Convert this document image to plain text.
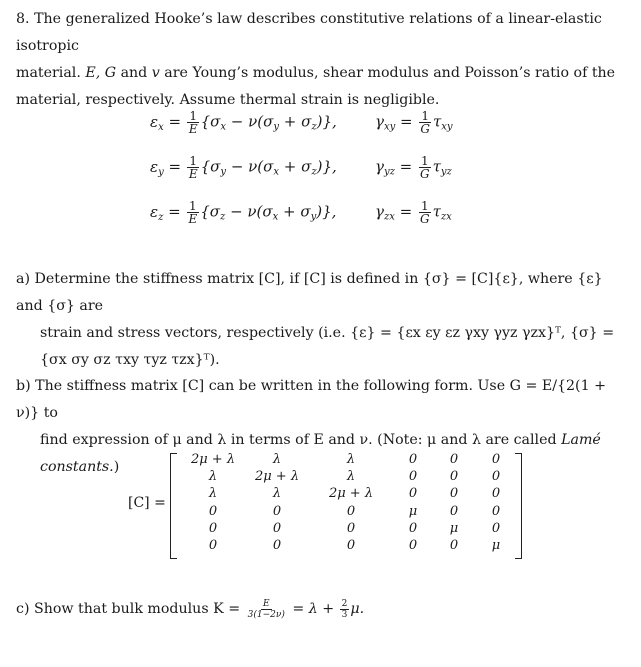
8. The generalized Hooke’s law describes constitutive relations of a linear-elastic isotropic
material. E, G and v are Young’s modulus, shear modulus and Poisson’s ratio of the
material, respectively. Assume thermal strain is negligible.
$\varepsilon_x = \frac{1}{E} \{\sigma_x - \nu(\sigma_y + \sigma_z)\}$,	$\gamma_{xy} = \frac{1}{G} \tau_{xy}$
$\varepsilon_y = \frac{1}{E} \{\sigma_y - \nu(\sigma_x + \sigma_z)\}$,	$\gamma_{yz} = \frac{1}{G} \tau_{yz}$
$\varepsilon_z = \frac{1}{E} \{\sigma_z - \nu(\sigma_x + \sigma_y)\}$,	$\gamma_{zx} = \frac{1}{G} \tau_{zx}$
a) Determine the stiffness matrix [C], if [C] is defined in {σ} = [C]{ε}, where {ε} and {σ} are
strain and stress vectors, respectively (i.e. {ε} = {εx εy εz γxy γyz γzx}ᵀ, {σ} =
{σx σy σz τxy τyz τzx}ᵀ).
b) The stiffness matrix [C] can be written in the following form. Use G = E/{2(1 + ν)} to
find expression of μ and λ in terms of E and ν. (Note: μ and λ are called Lamé constants.)
[C] =
2μ + λ	λ	λ	0	0	0
λ	2μ + λ	λ	0	0	0
λ	λ	2μ + λ	0	0	0
0	0	0	μ	0	0
0	0	0	0	μ	0
0	0	0	0	0	μ
c) Show that bulk modulus $K = \frac{E}{3(1-2\nu)} = \lambda + \frac{2}{3} \mu$.
